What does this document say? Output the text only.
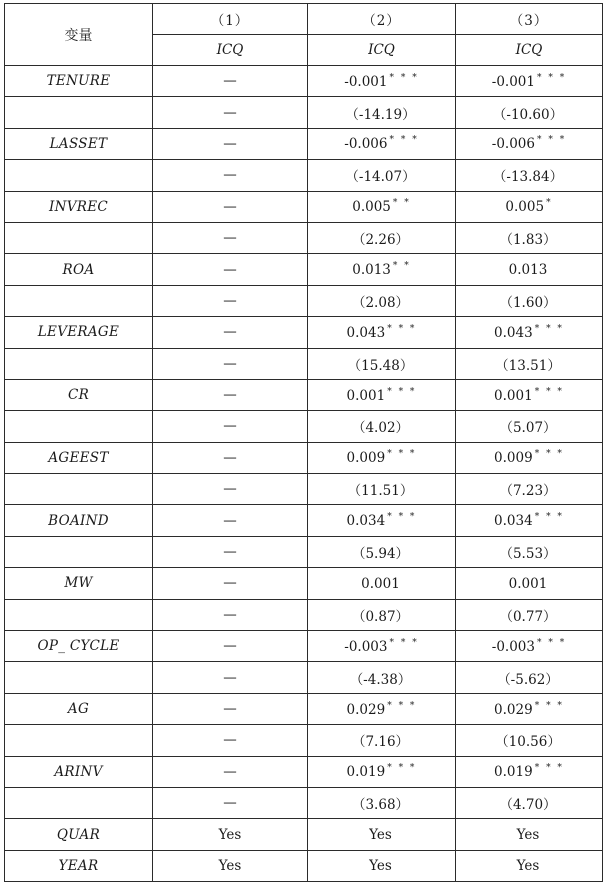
变量	（1）	（2）	（3）
	ICQ	ICQ	ICQ
TENURE	—	-0.001 * * *	-0.001 * * *
	—	（-14.19）	（-10.60）
LASSET	—	-0.006 * * *	-0.006 * * *
	—	（-14.07）	（-13.84）
INVREC	—	0.005 * *	0.005 *
	—	（2.26）	（1.83）
ROA	—	0.013 * *	0.013
	—	（2.08）	（1.60）
LEVERAGE	—	0.043 * * *	0.043 * * *
	—	（15.48）	（13.51）
CR	—	0.001 * * *	0.001 * * *
	—	（4.02）	（5.07）
AGEEST	—	0.009 * * *	0.009 * * *
	—	（11.51）	（7.23）
BOAIND	—	0.034 * * *	0.034 * * *
	—	（5.94）	（5.53）
MW	—	0.001	0.001
	—	（0.87）	（0.77）
OP_ CYCLE	—	-0.003 * * *	-0.003 * * *
	—	（-4.38）	（-5.62）
AG	—	0.029 * * *	0.029 * * *
	—	（7.16）	（10.56）
ARINV	—	0.019 * * *	0.019 * * *
	—	（3.68）	（4.70）
QUAR	Yes	Yes	Yes
YEAR	Yes	Yes	Yes
